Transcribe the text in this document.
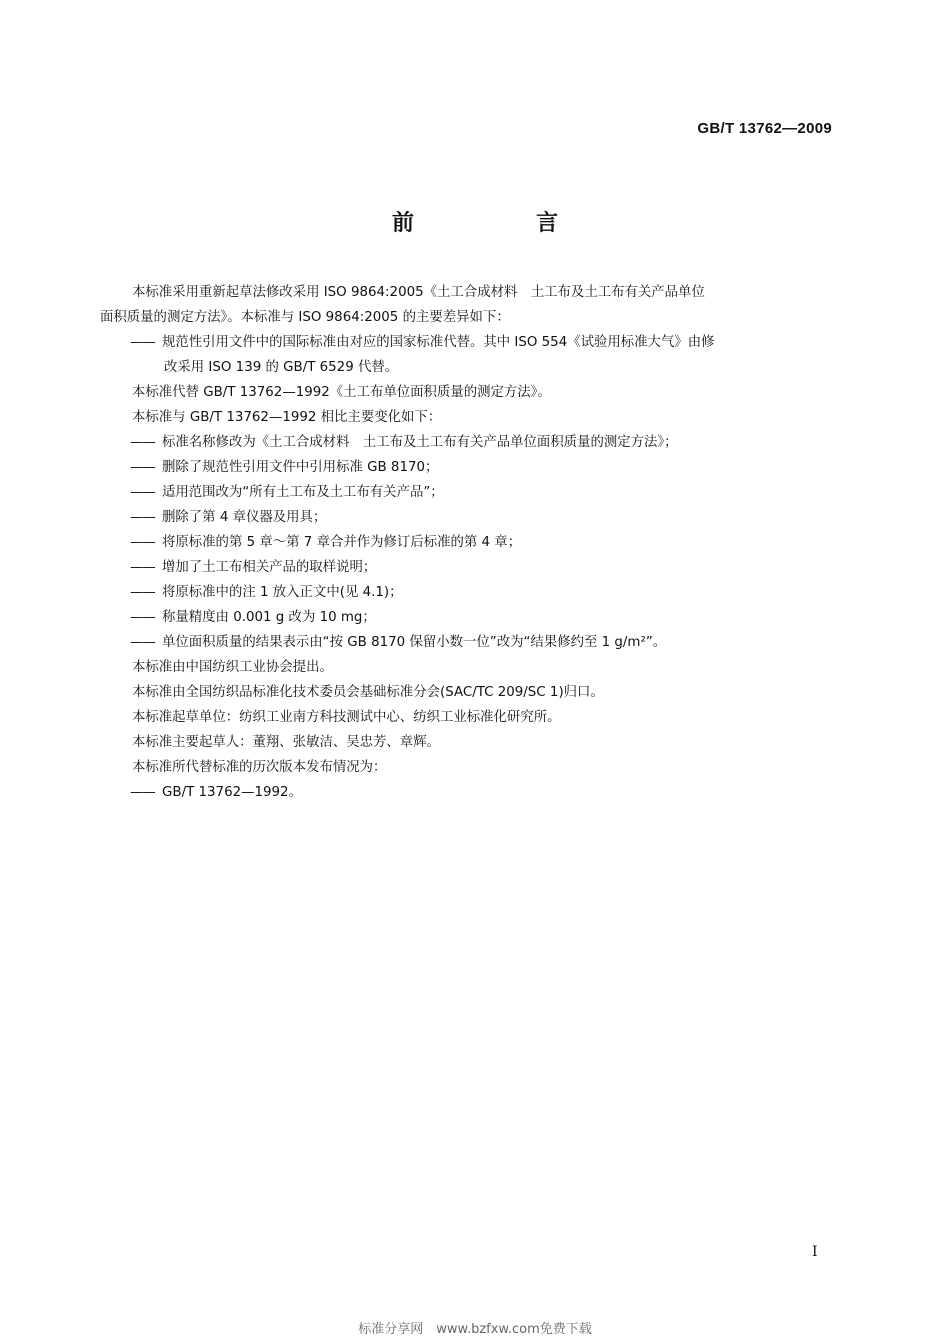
GB/T 13762—2009
前　言

本标准采用重新起草法修改采用 ISO 9864:2005《土工合成材料　土工布及土工布有关产品单位

面积质量的测定方法》。本标准与 ISO 9864:2005 的主要差异如下：

—— 规范性引用文件中的国际标准由对应的国家标准代替。其中 ISO 554《试验用标准大气》由修

改采用 ISO 139 的 GB/T 6529 代替。

本标准代替 GB/T 13762—1992《土工布单位面积质量的测定方法》。

本标准与 GB/T 13762—1992 相比主要变化如下：

—— 标准名称修改为《土工合成材料　土工布及土工布有关产品单位面积质量的测定方法》；

—— 删除了规范性引用文件中引用标准 GB 8170；

—— 适用范围改为“所有土工布及土工布有关产品”；

—— 删除了第 4 章仪器及用具；

—— 将原标准的第 5 章～第 7 章合并作为修订后标准的第 4 章；

—— 增加了土工布相关产品的取样说明；

—— 将原标准中的注 1 放入正文中(见 4.1)；

—— 称量精度由 0.001 g 改为 10 mg；

—— 单位面积质量的结果表示由“按 GB 8170 保留小数一位”改为“结果修约至 1 g/m²”。

本标准由中国纺织工业协会提出。

本标准由全国纺织品标准化技术委员会基础标准分会(SAC/TC 209/SC 1)归口。

本标准起草单位：纺织工业南方科技测试中心、纺织工业标准化研究所。

本标准主要起草人：董翔、张敏洁、吴忠芳、章辉。

本标准所代替标准的历次版本发布情况为：

—— GB/T 13762—1992。

I
标准分享网　www.bzfxw.com免费下载
